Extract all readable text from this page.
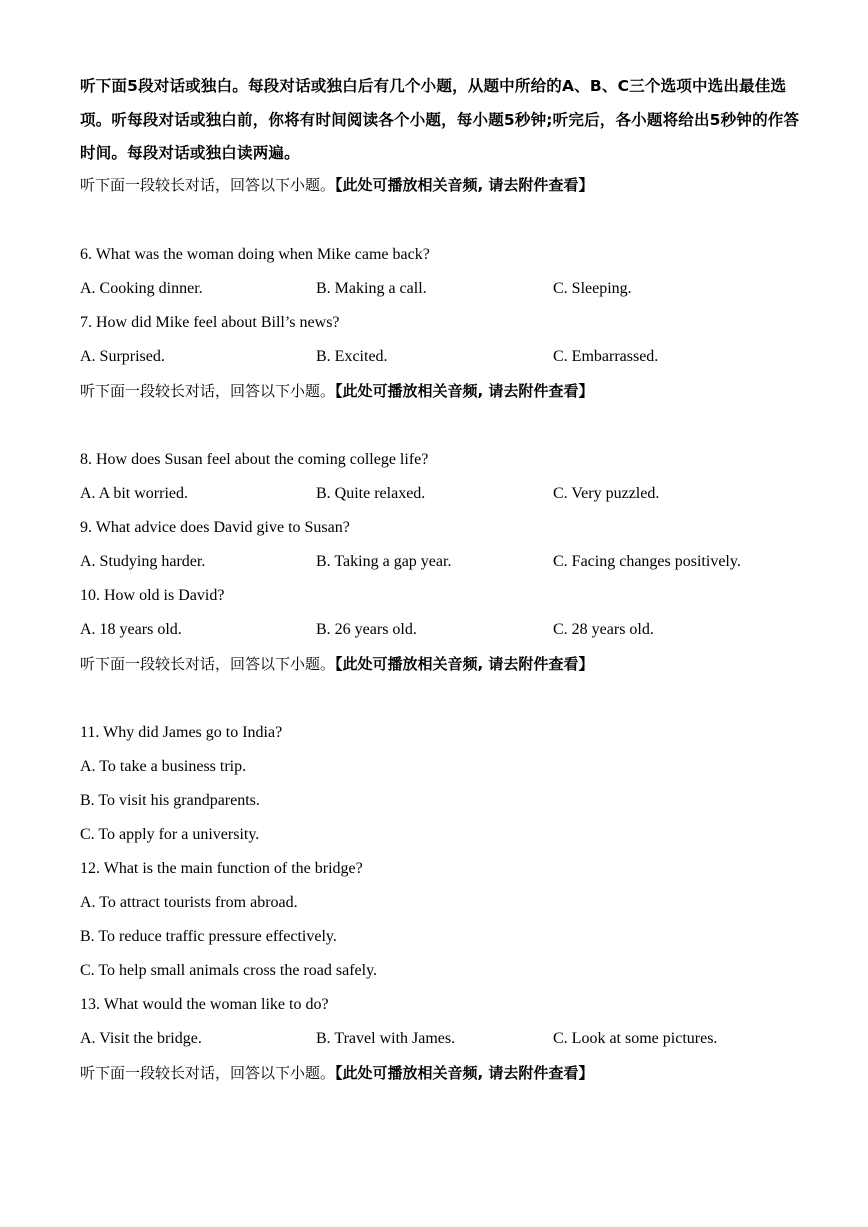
听下面5段对话或独白。每段对话或独白后有几个小题，从题中所给的A、B、C三个选项中选出最佳选项。听每段对话或独白前，你将有时间阅读各个小题，每小题5秒钟;听完后，各小题将给出5秒钟的作答时间。每段对话或独白读两遍。

听下面一段较长对话，回答以下小题。【此处可播放相关音频, 请去附件查看】
6. What was the woman doing when Mike came back?
A. Cooking dinner.	B. Making a call.	C. Sleeping.
7. How did Mike feel about Bill’s news?
A. Surprised.	B. Excited.	C. Embarrassed.
听下面一段较长对话，回答以下小题。【此处可播放相关音频, 请去附件查看】
8. How does Susan feel about the coming college life?
A. A bit worried.	B. Quite relaxed.	C. Very puzzled.
9. What advice does David give to Susan?
A. Studying harder.	B. Taking a gap year.	C. Facing changes positively.
10. How old is David?
A. 18 years old.	B. 26 years old.	C. 28 years old.
听下面一段较长对话，回答以下小题。【此处可播放相关音频, 请去附件查看】
11. Why did James go to India?
A. To take a business trip.
B. To visit his grandparents.
C. To apply for a university.
12. What is the main function of the bridge?
A. To attract tourists from abroad.
B. To reduce traffic pressure effectively.
C. To help small animals cross the road safely.
13. What would the woman like to do?
A. Visit the bridge.	B. Travel with James.	C. Look at some pictures.
听下面一段较长对话，回答以下小题。【此处可播放相关音频, 请去附件查看】
